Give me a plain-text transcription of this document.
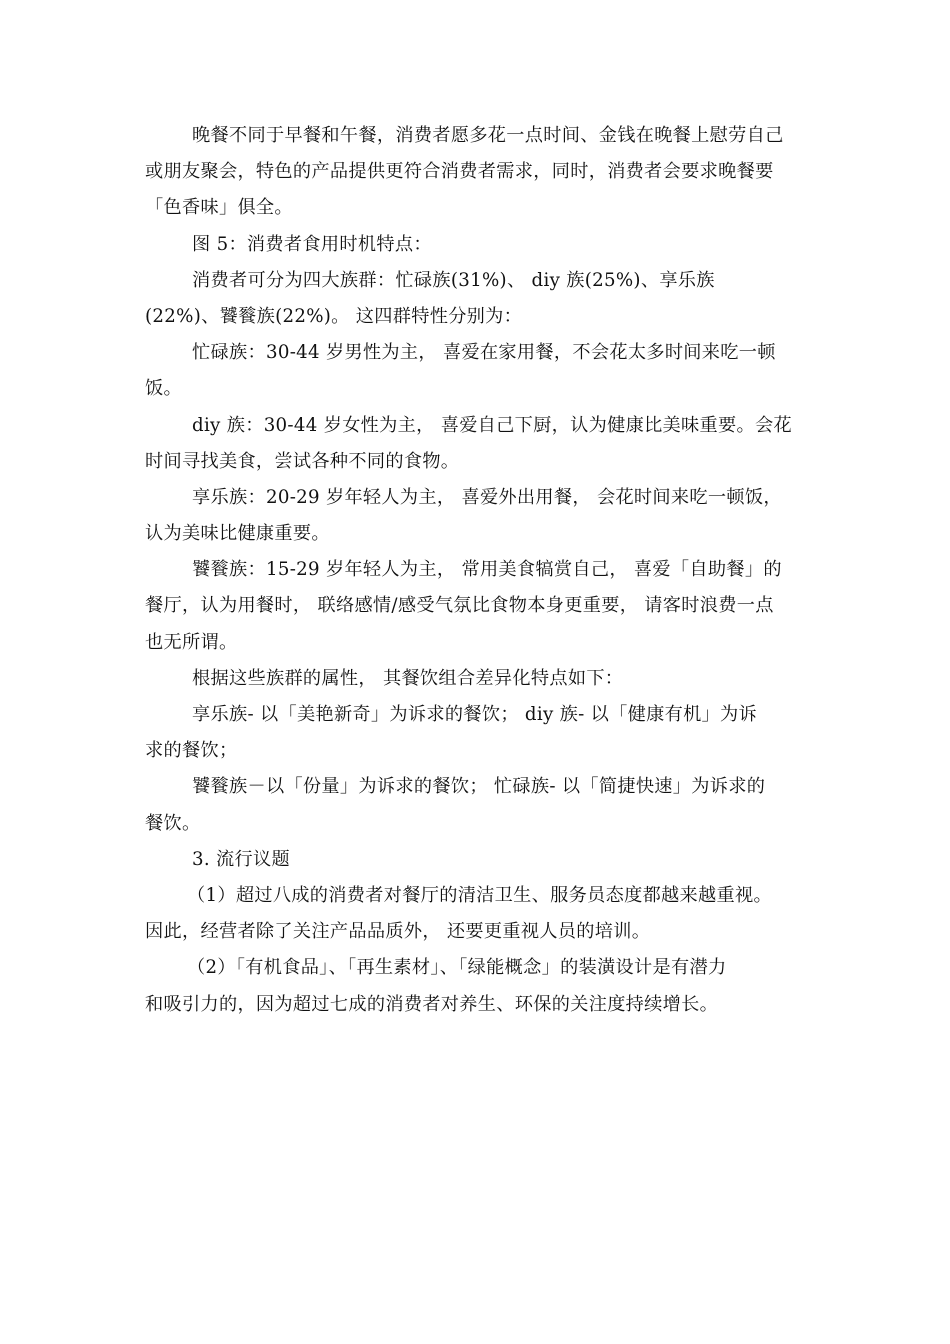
晚餐不同于早餐和午餐，消费者愿多花一点时间、金钱在晚餐上慰劳自己
或朋友聚会，特色的产品提供更符合消费者需求，同时，消费者会要求晚餐要
「色香味」俱全。
图 5：消费者食用时机特点：
消费者可分为四大族群：忙碌族(31%)、 diy 族(25%)、享乐族
(22%)、饕餮族(22%)。 这四群特性分别为：
忙碌族：30-44 岁男性为主， 喜爱在家用餐，不会花太多时间来吃一顿
饭。
diy 族：30-44 岁女性为主， 喜爱自己下厨，认为健康比美味重要。会花
时间寻找美食，尝试各种不同的食物。
享乐族：20-29 岁年轻人为主， 喜爱外出用餐， 会花时间来吃一顿饭，
认为美味比健康重要。
饕餮族：15-29 岁年轻人为主， 常用美食犒赏自己， 喜爱「自助餐」的
餐厅，认为用餐时， 联络感情/感受气氛比食物本身更重要， 请客时浪费一点
也无所谓。
根据这些族群的属性， 其餐饮组合差异化特点如下：
享乐族- 以「美艳新奇」为诉求的餐饮； diy 族- 以「健康有机」为诉
求的餐饮；
饕餮族－以「份量」为诉求的餐饮； 忙碌族- 以「简捷快速」为诉求的
餐饮。
3. 流行议题
（1）超过八成的消费者对餐厅的清洁卫生、服务员态度都越来越重视。
因此，经营者除了关注产品品质外， 还要更重视人员的培训。
（2）「有机食品」、「再生素材」、「绿能概念」的装潢设计是有潜力
和吸引力的，因为超过七成的消费者对养生、环保的关注度持续增长。
